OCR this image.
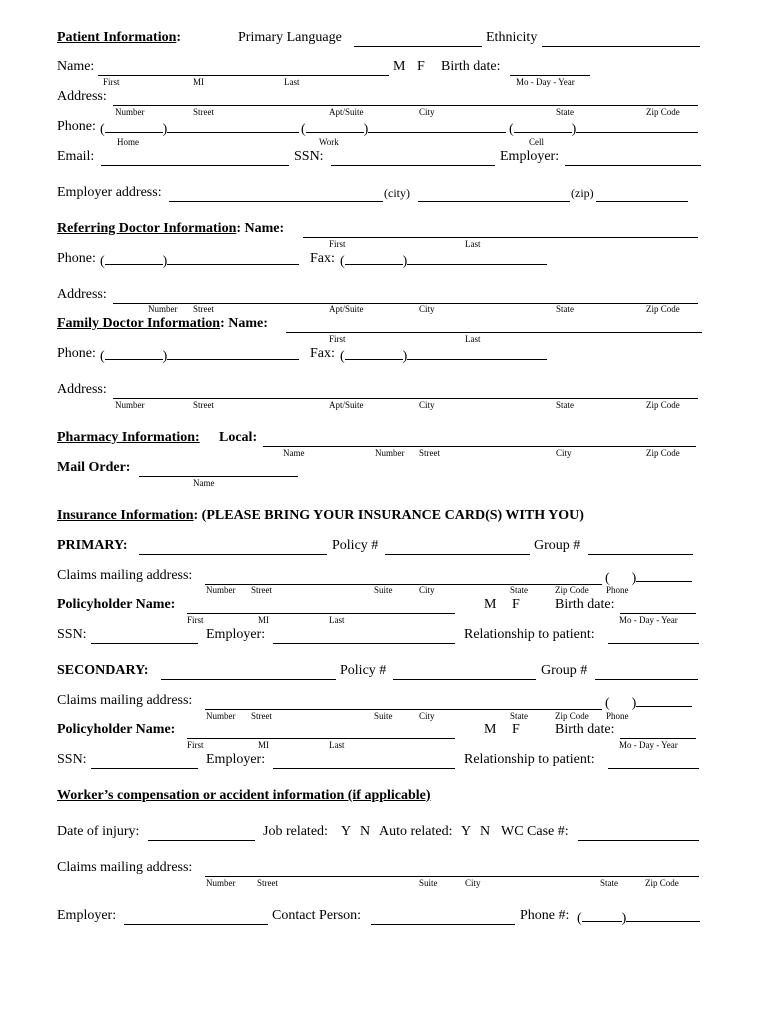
Patient Information:	Primary Language	Ethnicity
Name:	M F Birth date:
First	MI	Last	Mo - Day - Year
Address:
Number	Street	Apt/Suite	City	State	Zip Code
Phone: (	)	(	)	(	)
Home	Work	Cell
Email:	SSN:	Employer:
Employer address:	(city)	(zip)
Referring Doctor Information: Name:
First	Last
Phone: (	)	Fax: (	)
Address:
Number Street	Apt/Suite	City	State	Zip Code
Family Doctor Information: Name:
First	Last
Phone: (	)	Fax: (	)
Address:
Number	Street	Apt/Suite	City	State	Zip Code
Pharmacy Information: Local:
Name	Number Street	City	Zip Code
Mail Order:
Name
Insurance Information: (PLEASE BRING YOUR INSURANCE CARD(S) WITH YOU)
PRIMARY:	Policy #	Group #
Claims mailing address:	( )
Number Street	Suite	City	State	Zip Code Phone
Policyholder Name:	M F	Birth date:
First	MI	Last	Mo - Day - Year
SSN:	Employer:	Relationship to patient:
SECONDARY:	Policy #	Group #
Claims mailing address:	( )
Number Street	Suite	City	State	Zip Code Phone
Policyholder Name:	M F	Birth date:
First	MI	Last	Mo - Day - Year
SSN:	Employer:	Relationship to patient:
Worker’s compensation or accident information (if applicable)
Date of injury:	Job related: Y N Auto related: Y N WC Case #:
Claims mailing address:
Number Street	Suite	City	State	Zip Code
Employer:	Contact Person:	Phone #: (	)
